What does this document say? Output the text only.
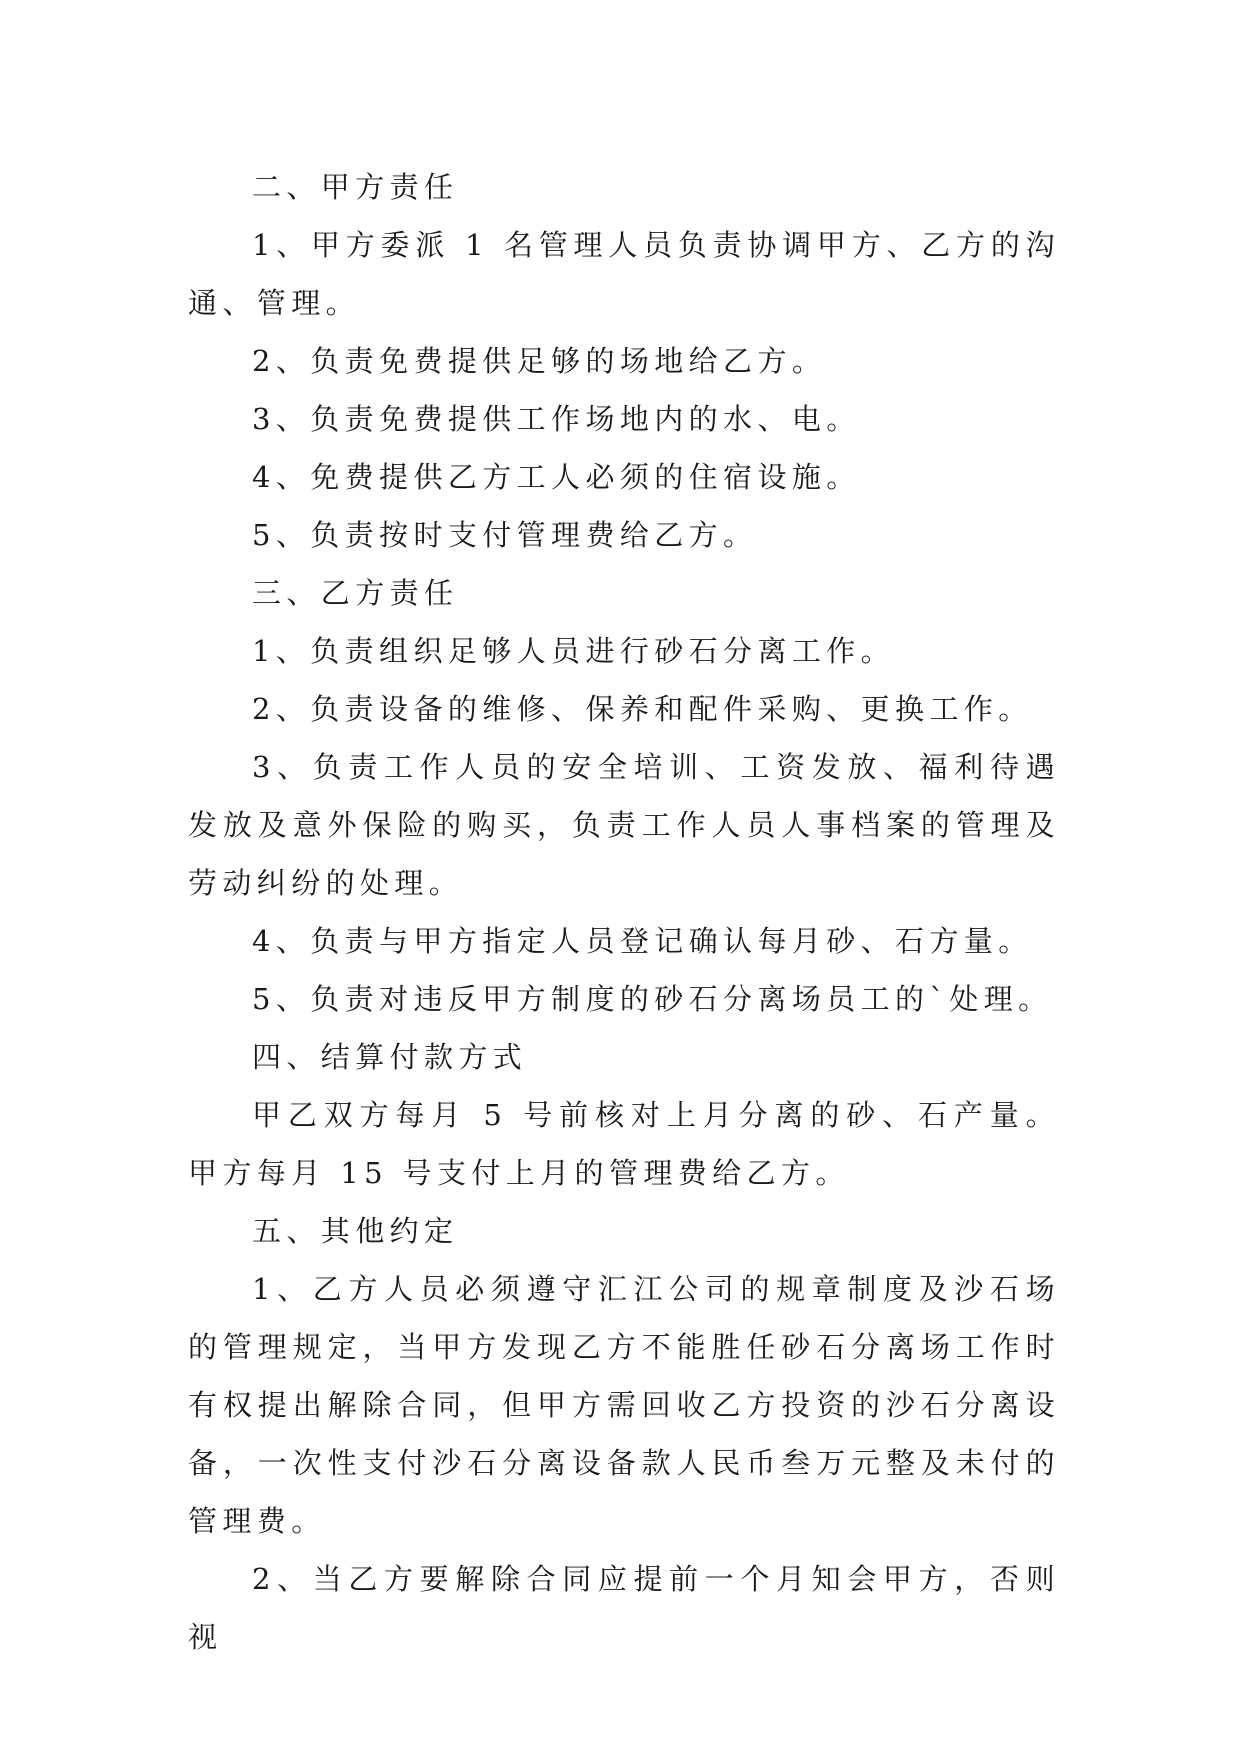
二、甲方责任

1、甲方委派 1 名管理人员负责协调甲方、乙方的沟通、管理。

2、负责免费提供足够的场地给乙方。

3、负责免费提供工作场地内的水、电。

4、免费提供乙方工人必须的住宿设施。

5、负责按时支付管理费给乙方。

三、乙方责任

1、负责组织足够人员进行砂石分离工作。

2、负责设备的维修、保养和配件采购、更换工作。

3、负责工作人员的安全培训、工资发放、福利待遇发放及意外保险的购买，负责工作人员人事档案的管理及劳动纠纷的处理。

4、负责与甲方指定人员登记确认每月砂、石方量。

5、负责对违反甲方制度的砂石分离场员工的`处理。

四、结算付款方式

甲乙双方每月 5 号前核对上月分离的砂、石产量。甲方每月 15 号支付上月的管理费给乙方。

五、其他约定

1、乙方人员必须遵守汇江公司的规章制度及沙石场的管理规定，当甲方发现乙方不能胜任砂石分离场工作时有权提出解除合同，但甲方需回收乙方投资的沙石分离设备，一次性支付沙石分离设备款人民币叁万元整及未付的管理费。

2、当乙方要解除合同应提前一个月知会甲方，否则视
